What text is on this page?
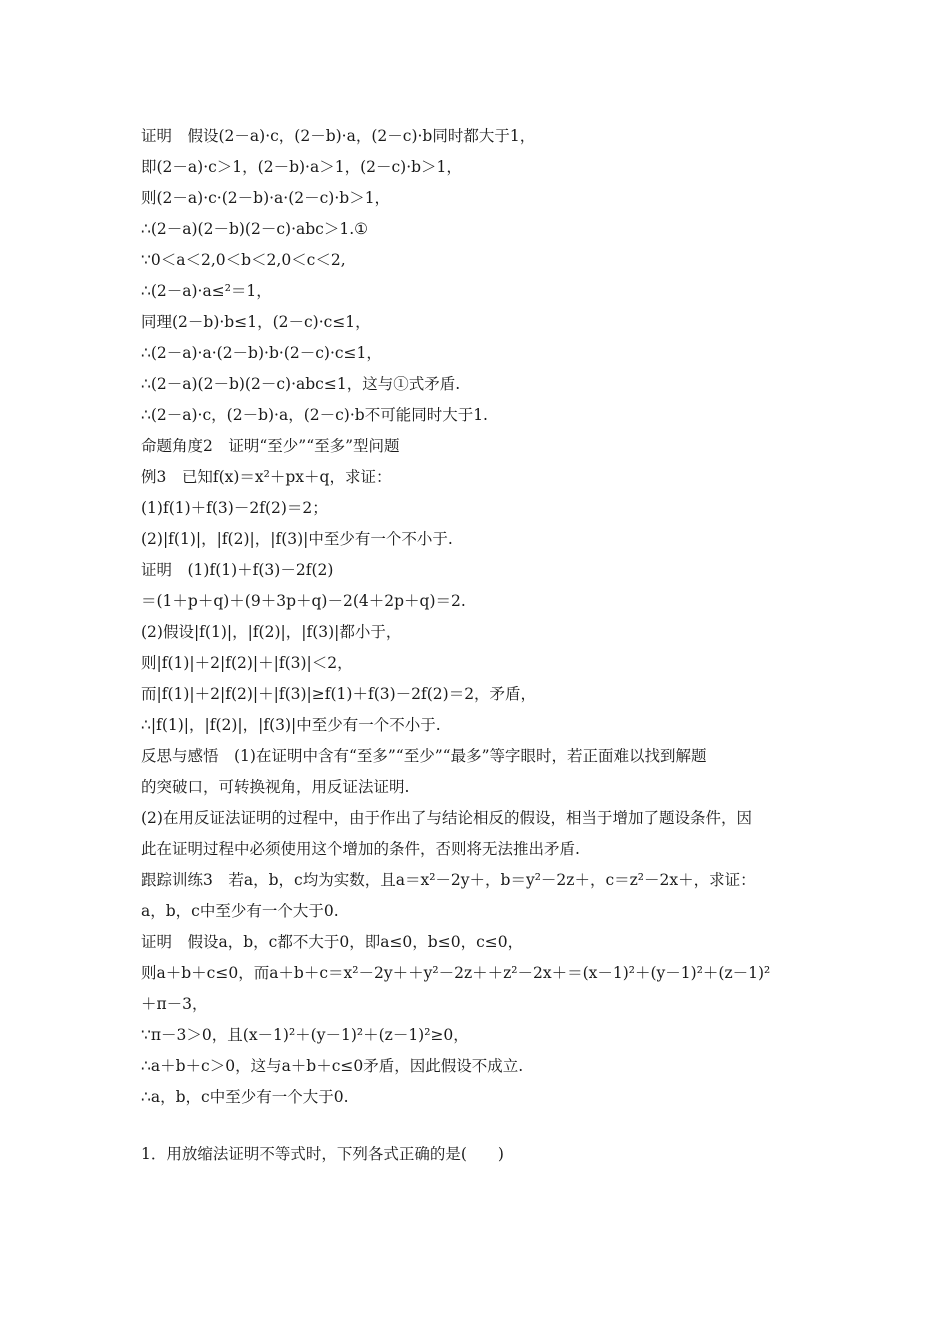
证明　假设(2－a)·c，(2－b)·a，(2－c)·b同时都大于1，
即(2－a)·c＞1，(2－b)·a＞1，(2－c)·b＞1，
则(2－a)·c·(2－b)·a·(2－c)·b＞1，
∴(2－a)(2－b)(2－c)·abc＞1.①
∵0＜a＜2,0＜b＜2,0＜c＜2,
∴(2－a)·a≤²＝1，
同理(2－b)·b≤1，(2－c)·c≤1，
∴(2－a)·a·(2－b)·b·(2－c)·c≤1，
∴(2－a)(2－b)(2－c)·abc≤1，这与①式矛盾.
∴(2－a)·c，(2－b)·a，(2－c)·b不可能同时大于1.
命题角度2　证明“至少”“至多”型问题
例3　已知f(x)＝x²＋px＋q，求证：
(1)f(1)＋f(3)－2f(2)＝2；
(2)|f(1)|，|f(2)|，|f(3)|中至少有一个不小于.
证明　(1)f(1)＋f(3)－2f(2)
＝(1＋p＋q)＋(9＋3p＋q)－2(4＋2p＋q)＝2.
(2)假设|f(1)|，|f(2)|，|f(3)|都小于，
则|f(1)|＋2|f(2)|＋|f(3)|＜2，
而|f(1)|＋2|f(2)|＋|f(3)|≥f(1)＋f(3)－2f(2)＝2，矛盾，
∴|f(1)|，|f(2)|，|f(3)|中至少有一个不小于.
反思与感悟　(1)在证明中含有“至多”“至少”“最多”等字眼时，若正面难以找到解题
的突破口，可转换视角，用反证法证明.
(2)在用反证法证明的过程中，由于作出了与结论相反的假设，相当于增加了题设条件，因
此在证明过程中必须使用这个增加的条件，否则将无法推出矛盾.
跟踪训练3　若a，b，c均为实数，且a＝x²－2y＋，b＝y²－2z＋，c＝z²－2x＋，求证：
a，b，c中至少有一个大于0.
证明　假设a，b，c都不大于0，即a≤0，b≤0，c≤0，
则a＋b＋c≤0，而a＋b＋c＝x²－2y＋＋y²－2z＋＋z²－2x＋＝(x－1)²＋(y－1)²＋(z－1)²
＋π－3，
∵π－3＞0，且(x－1)²＋(y－1)²＋(z－1)²≥0，
∴a＋b＋c＞0，这与a＋b＋c≤0矛盾，因此假设不成立.
∴a，b，c中至少有一个大于0.
1．用放缩法证明不等式时，下列各式正确的是(　　)
